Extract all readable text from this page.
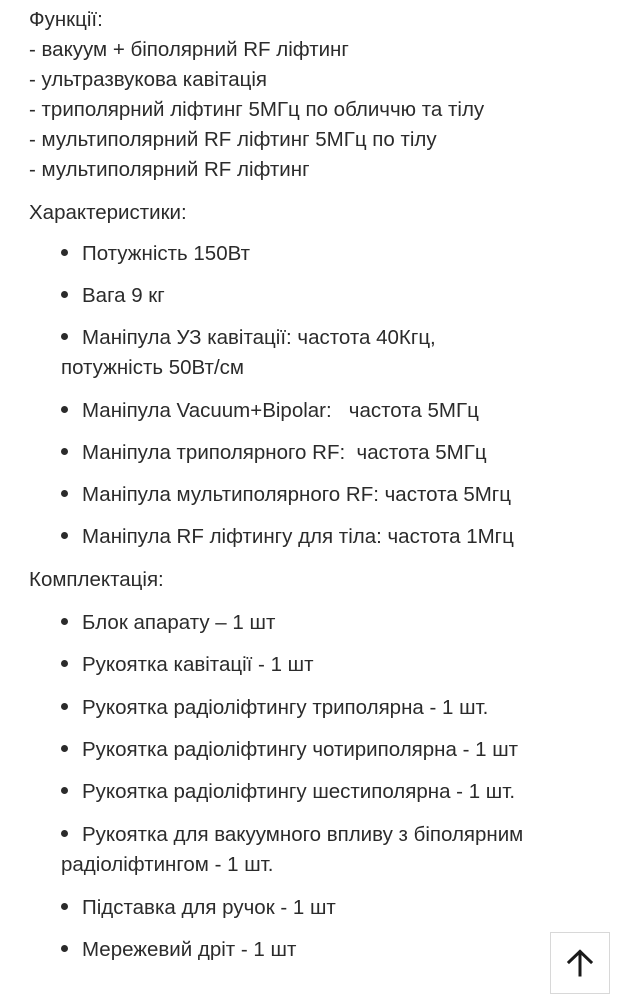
Функції:
- вакуум + біполярний RF ліфтинг
- ультразвукова кавітація
- триполярний ліфтинг 5МГц по обличчю та тілу
- мультиполярний RF ліфтинг 5МГц по тілу
- мультиполярний RF ліфтинг
Характеристики:
Потужність 150Вт
Вага 9 кг
Маніпула УЗ кавітації: частота 40Кгц,
потужність 50Вт/см
Маніпула Vacuum+Bipolar:   частота 5МГц
Маніпула триполярного RF:  частота 5МГц
Маніпула мультиполярного RF: частота 5Мгц
Маніпула RF ліфтингу для тіла: частота 1Мгц
Комплектація:
Блок апарату – 1 шт
Рукоятка кавітації - 1 шт
Рукоятка радіоліфтингу триполярна - 1 шт.
Рукоятка радіоліфтингу чотириполярна - 1 шт
Рукоятка радіоліфтингу шестиполярна - 1 шт.
Рукоятка для вакуумного впливу з біполярним
радіоліфтингом - 1 шт.
Підставка для ручок - 1 шт
Мережевий дріт - 1 шт
